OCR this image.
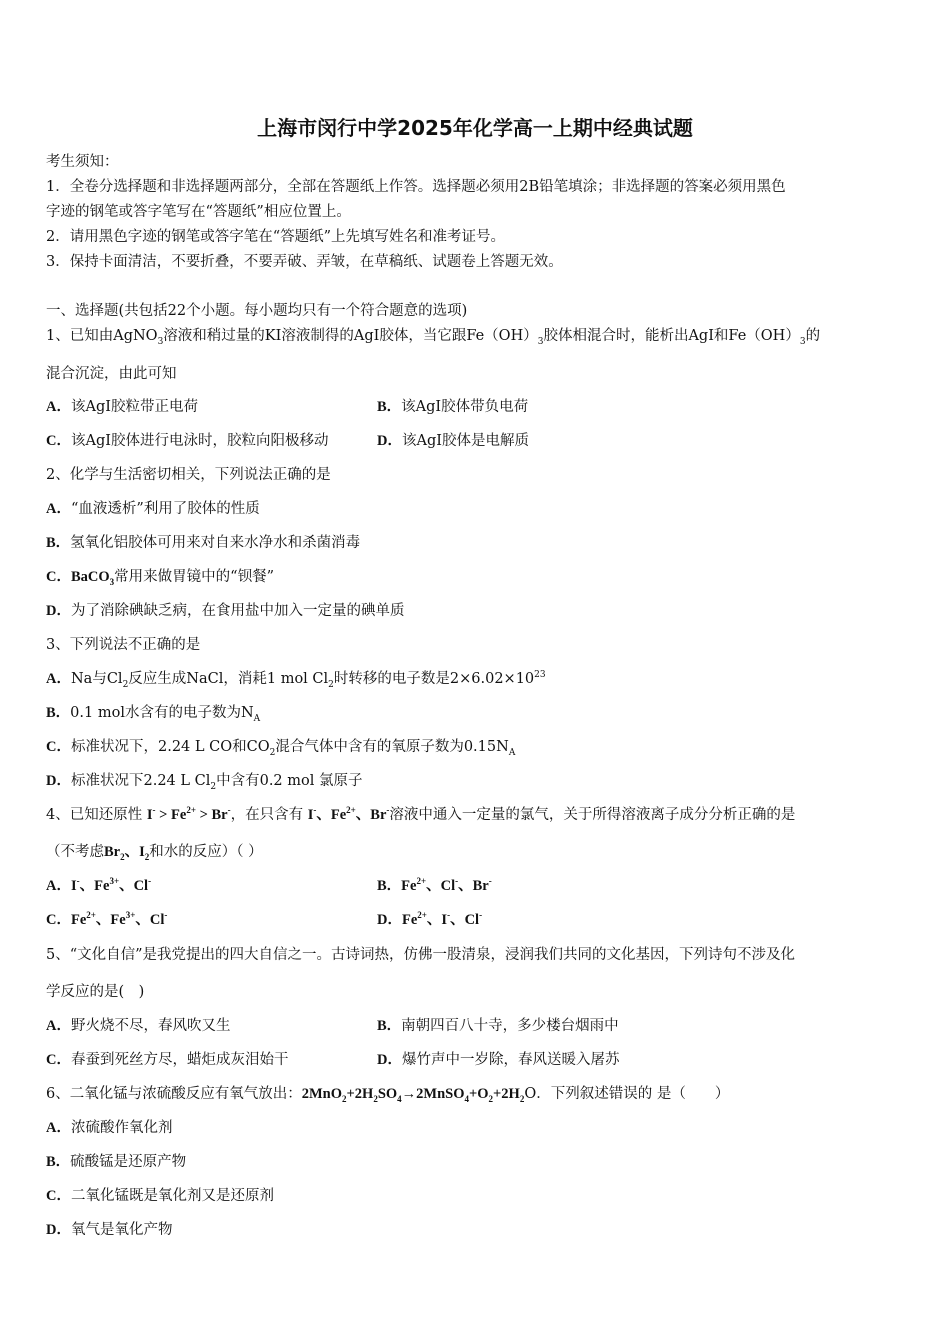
上海市闵行中学2025年化学高一上期中经典试题
考生须知：
1．全卷分选择题和非选择题两部分，全部在答题纸上作答。选择题必须用2B铅笔填涂；非选择题的答案必须用黑色
字迹的钢笔或答字笔写在“答题纸”相应位置上。
2．请用黑色字迹的钢笔或答字笔在“答题纸”上先填写姓名和准考证号。
3．保持卡面清洁，不要折叠，不要弄破、弄皱，在草稿纸、试题卷上答题无效。
一、选择题(共包括22个小题。每小题均只有一个符合题意的选项)
1、已知由AgNO$_3$溶液和稍过量的KI溶液制得的AgI胶体，当它跟$Fe(OH)_3$胶体相混合时，能析出AgI和$Fe(OH)_3$的
混合沉淀，由此可知
A．该AgI胶粒带正电荷	B．该AgI胶体带负电荷
C．该AgI胶体进行电泳时，胶粒向阳极移动	D．该AgI胶体是电解质
2、化学与生活密切相关，下列说法正确的是
A．“血液透析”利用了胶体的性质
B．氢氧化铝胶体可用来对自来水净水和杀菌消毒
C．BaCO$_3$常用来做胃镜中的“钡餐”
D．为了消除碘缺乏病，在食用盐中加入一定量的碘单质
3、下列说法不正确的是
A．Na与$Cl_2$反应生成NaCl，消耗1 mol $Cl_2$时转移的电子数是$2\times 6.02\times 10^{23}$
B．0.1 mol水含有的电子数为$N_A$
C．标准状况下，2.24 L CO和$CO_2$混合气体中含有的氧原子数为$0.15N_A$
D．标准状况下2.24 L $Cl_2$中含有0.2 mol 氯原子
4、已知还原性 $I^- > Fe^{2+} > Br^-$，在只含有 I-、$Fe^{2+}$、Br-溶液中通入一定量的氯气，关于所得溶液离子成分分析正确的是
（不考虑$Br_2$、$I_2$和水的反应）（ ）
A．I-、$Fe^{3+}$、Cl-	B．$Fe^{2+}$、Cl-、Br-
C．$Fe^{2+}$、$Fe^{3+}$、Cl-	D．$Fe^{2+}$、I-、Cl-
5、“文化自信”是我党提出的四大自信之一。古诗词热，仿佛一股清泉，浸润我们共同的文化基因，下列诗句不涉及化
学反应的是(　)
A．野火烧不尽，春风吹又生	B．南朝四百八十寺，多少楼台烟雨中
C．春蚕到死丝方尽，蜡炬成灰泪始干	D．爆竹声中一岁除，春风送暖入屠苏
6、二氧化锰与浓硫酸反应有氧气放出：$2MnO_2+2H_2SO_4\to 2MnSO_4+O_2+2H_2O$．下列叙述错误的 是（　　）
A．浓硫酸作氧化剂
B．硫酸锰是还原产物
C．二氧化锰既是氧化剂又是还原剂
D．氧气是氧化产物
